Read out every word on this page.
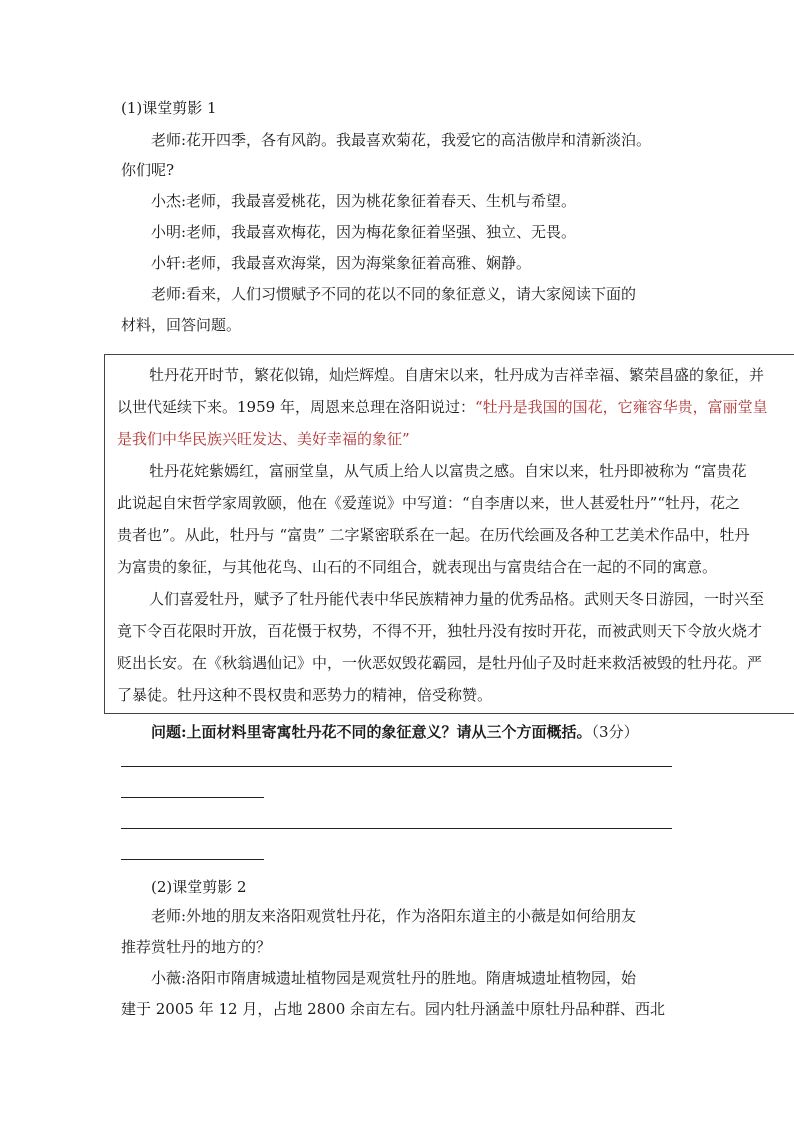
(1)课堂剪影 1
老师:花开四季，各有风韵。我最喜欢菊花，我爱它的高洁傲岸和清新淡泊。
你们呢?
小杰:老师，我最喜爱桃花，因为桃花象征着春天、生机与希望。
小明:老师，我最喜欢梅花，因为梅花象征着坚强、独立、无畏。
小轩:老师，我最喜欢海棠，因为海棠象征着高雅、娴静。
老师:看来，人们习惯赋予不同的花以不同的象征意义，请大家阅读下面的
材料，回答问题。
牡丹花开时节，繁花似锦，灿烂辉煌。自唐宋以来，牡丹成为吉祥幸福、繁荣昌盛的象征，并
以世代延续下来。1959 年，周恩来总理在洛阳说过：“牡丹是我国的国花，它雍容华贵，富丽堂皇
是我们中华民族兴旺发达、美好幸福的象征”
牡丹花姹紫嫣红，富丽堂皇，从气质上给人以富贵之感。自宋以来，牡丹即被称为 “富贵花
此说起自宋哲学家周敦颐，他在《爱莲说》中写道：“自李唐以来，世人甚爱牡丹”“牡丹，花之
贵者也”。从此，牡丹与 “富贵” 二字紧密联系在一起。在历代绘画及各种工艺美术作品中，牡丹
为富贵的象征，与其他花鸟、山石的不同组合，就表现出与富贵结合在一起的不同的寓意。
人们喜爱牡丹，赋予了牡丹能代表中华民族精神力量的优秀品格。武则天冬日游园，一时兴至
竟下令百花限时开放，百花慑于权势，不得不开，独牡丹没有按时开花，而被武则天下令放火烧才
贬出长安。在《秋翁遇仙记》中，一伙恶奴毁花霸园，是牡丹仙子及时赶来救活被毁的牡丹花。严
了暴徒。牡丹这种不畏权贵和恶势力的精神，倍受称赞。
问题:上面材料里寄寓牡丹花不同的象征意义？请从三个方面概括。（3分）
(2)课堂剪影 2
老师:外地的朋友来洛阳观赏牡丹花，作为洛阳东道主的小薇是如何给朋友
推荐赏牡丹的地方的？
小薇:洛阳市隋唐城遗址植物园是观赏牡丹的胜地。隋唐城遗址植物园，始
建于 2005 年 12 月，占地 2800 余亩左右。园内牡丹涵盖中原牡丹品种群、西北
